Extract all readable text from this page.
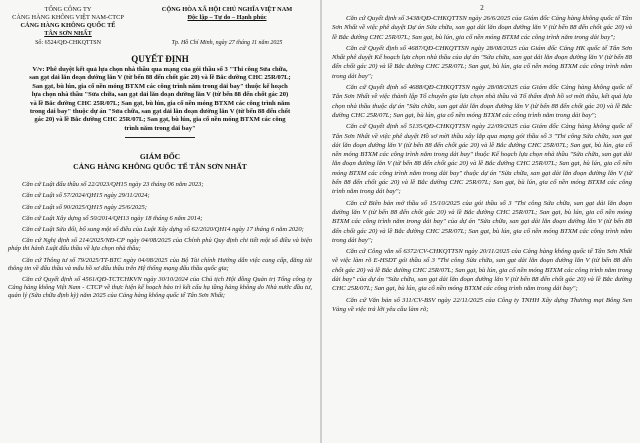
TỔNG CÔNG TY
CẢNG HÀNG KHÔNG VIỆT NAM-CTCP
CẢNG HÀNG KHÔNG QUỐC TẾ
TÂN SƠN NHẤT
CỘNG HÒA XÃ HỘI CHỦ NGHĨA VIỆT NAM
Độc lập – Tự do – Hạnh phúc
Số: 6524/QĐ-CHKQTTSN	Tp. Hồ Chí Minh, ngày 27 tháng 11 năm 2025
QUYẾT ĐỊNH
V/v: Phê duyệt kết quả lựa chọn nhà thầu qua mạng của gói thầu số 3 "Thi công Sửa chữa, san gạt dải lăn đoạn đường lăn V (từ bến 88 đến chốt gác 20) và lề Bắc đường CHC 25R/07L; San gạt, bù lún, gia cố nền móng BTXM các công trình năm trong dải bay" thuộc kế hoạch lựa chọn nhà thầu "Sửa chữa, san gạt dải lăn đoạn đường lăn V (từ bến 88 đến chốt gác 20) và lề Bắc đường CHC 25R/07L; San gạt, bù lún, gia cố nền móng BTXM các công trình năm trong dải bay" thuộc dự án "Sửa chữa, san gạt dải lăn đoạn đường lăn V (từ bến 88 đến chốt gác 20) và lề Bắc đường CHC 25R/07L; San gạt, bù lún, gia cố nền móng BTXM các công trình năm trong dải bay"
GIÁM ĐỐC
CẢNG HÀNG KHÔNG QUỐC TẾ TÂN SƠN NHẤT

Căn cứ Luật đấu thầu số 22/2023/QH15 ngày 23 tháng 06 năm 2023;

Căn cứ Luật số 57/2024/QH15 ngày 29/11/2024;

Căn cứ Luật số 90/2025/QH15 ngày 25/6/2025;

Căn cứ Luật Xây dựng số 50/2014/QH13 ngày 18 tháng 6 năm 2014;

Căn cứ Luật Sửa đổi, bổ sung một số điều của Luật Xây dựng số 62/2020/QH14 ngày 17 tháng 6 năm 2020;

Căn cứ Nghị định số 214/2025/NĐ-CP ngày 04/08/2025 của Chính phủ Quy định chi tiết một số điều và biện pháp thi hành Luật đấu thầu về lựa chọn nhà thầu;

Căn cứ Thông tư số 79/2025/TT-BTC ngày 04/08/2025 của Bộ Tài chính Hướng dẫn việc cung cấp, đăng tải thông tin về đấu thầu và mẫu hồ sơ đấu thầu trên Hệ thống mạng đấu thầu quốc gia;

Căn cứ Quyết định số 4561/QĐ-TCTCHKVN ngày 30/10/2024 của Chủ tịch Hội đồng Quản trị Tổng công ty Cảng hàng không Việt Nam - CTCP về thực hiện kế hoạch bảo trì kết cấu hạ tầng hàng không do Nhà nước đầu tư, quản lý (Sửa chữa định kỳ) năm 2025 của Cảng hàng không quốc tế Tân Sơn Nhất;

2

Căn cứ Quyết định số 3438/QĐ-CHKQTTSN ngày 26/6/2025 của Giám đốc Cảng hàng không quốc tế Tân Sơn Nhất về việc phê duyệt Dự án Sửa chữa, san gạt dải lăn đoạn đường lăn V (từ bến 88 đến chốt gác 20) và lề Bắc đường CHC 25R/07L; San gạt, bù lún, gia cố nền móng BTXM các công trình năm trong dải bay";

Căn cứ Quyết định số 4687/QĐ-CHKQTTSN ngày 28/08/2025 của Giám đốc Cảng HK quốc tế Tân Sơn Nhất phê duyệt Kế hoạch lựa chọn nhà thầu của dự án "Sửa chữa, san gạt dải lăn đoạn đường lăn V (từ bến 88 đến chốt gác 20) và lề Bắc đường CHC 25R/07L; San gạt, bù lún, gia cố nền móng BTXM các công trình năm trong dải bay";

Căn cứ Quyết định số 4688/QĐ-CHKQTTSN ngày 28/08/2025 của Giám đốc Cảng hàng không quốc tế Tân Sơn Nhất về việc thành lập Tổ chuyên gia lựa chọn nhà thầu và Tổ thẩm định hồ sơ mời thầu, kết quả lựa chọn nhà thầu thuộc dự án "Sửa chữa, san gạt dải lăn đoạn đường lăn V (từ bến 88 đến chốt gác 20) và lề Bắc đường CHC 25R/07L; San gạt, bù lún, gia cố nền móng BTXM các công trình năm trong dải bay";

Căn cứ Quyết định số 5135/QĐ-CHKQTTSN ngày 22/09/2025 của Giám đốc Cảng hàng không quốc tế Tân Sơn Nhất về việc phê duyệt Hồ sơ mời thầu xây lắp qua mạng gói thầu số 3 "Thi công Sửa chữa, san gạt dải lăn đoạn đường lăn V (từ bến 88 đến chốt gác 20) và lề Bắc đường CHC 25R/07L; San gạt, bù lún, gia cố nền móng BTXM các công trình năm trong dải bay" thuộc Kế hoạch lựa chọn nhà thầu "Sửa chữa, san gạt dải lăn đoạn đường lăn V (từ bến 88 đến chốt gác 20) và lề Bắc đường CHC 25R/07L; San gạt, bù lún, gia cố nền móng BTXM các công trình năm trong dải bay" thuộc dự án "Sửa chữa, san gạt dải lăn đoạn đường lăn V (từ bến 88 đến chốt gác 20) và lề Bắc đường CHC 25R/07L; San gạt, bù lún, gia cố nền móng BTXM các công trình năm trong dải bay";

Căn cứ Biên bản mở thầu số 15/10/2025 của gói thầu số 3 "Thi công Sửa chữa, san gạt dải lăn đoạn đường lăn V (từ bến 88 đến chốt gác 20) và lề Bắc đường CHC 25R/07L; San gạt, bù lún, gia cố nền móng BTXM các công trình năm trong dải bay" của dự án "Sửa chữa, san gạt dải lăn đoạn đường lăn V (từ bến 88 đến chốt gác 20) và lề Bắc đường CHC 25R/07L; San gạt, bù lún, gia cố nền móng BTXM các công trình năm trong dải bay";

Căn cứ Công văn số 6372/CV-CHKQTTSN ngày 20/11/2025 của Cảng hàng không quốc tế Tân Sơn Nhất về việc làm rõ E-HSDT gói thầu số 3 "Thi công Sửa chữa, san gạt dải lăn đoạn đường lăn V (từ bến 88 đến chốt gác 20) và lề Bắc đường CHC 25R/07L; San gạt, bù lún, gia cố nền móng BTXM các công trình năm trong dải bay" của dự án "Sửa chữa, san gạt dải lăn đoạn đường lăn V (từ bến 88 đến chốt gác 20) và lề Bắc đường CHC 25R/07L; San gạt, bù lún, gia cố nền móng BTXM các công trình năm trong dải bay";

Căn cứ Văn bản số 311/CV-BSV ngày 22/11/2025 của Công ty TNHH Xây dựng Thương mại Bông Sen Vàng về việc trả lời yêu cầu làm rõ;
